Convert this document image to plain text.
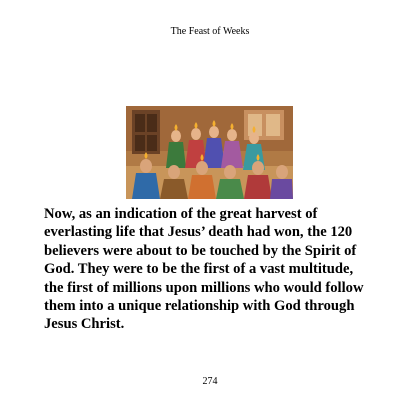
The Feast of Weeks

Now, as an indication of the great harvest of
everlasting life that Jesus’ death had won, the 120
believers were about to be touched by the Spirit of
God. They were to be the first of a vast multitude,
the first of millions upon millions who would follow
them into a unique relationship with God through
Jesus Christ.

274
